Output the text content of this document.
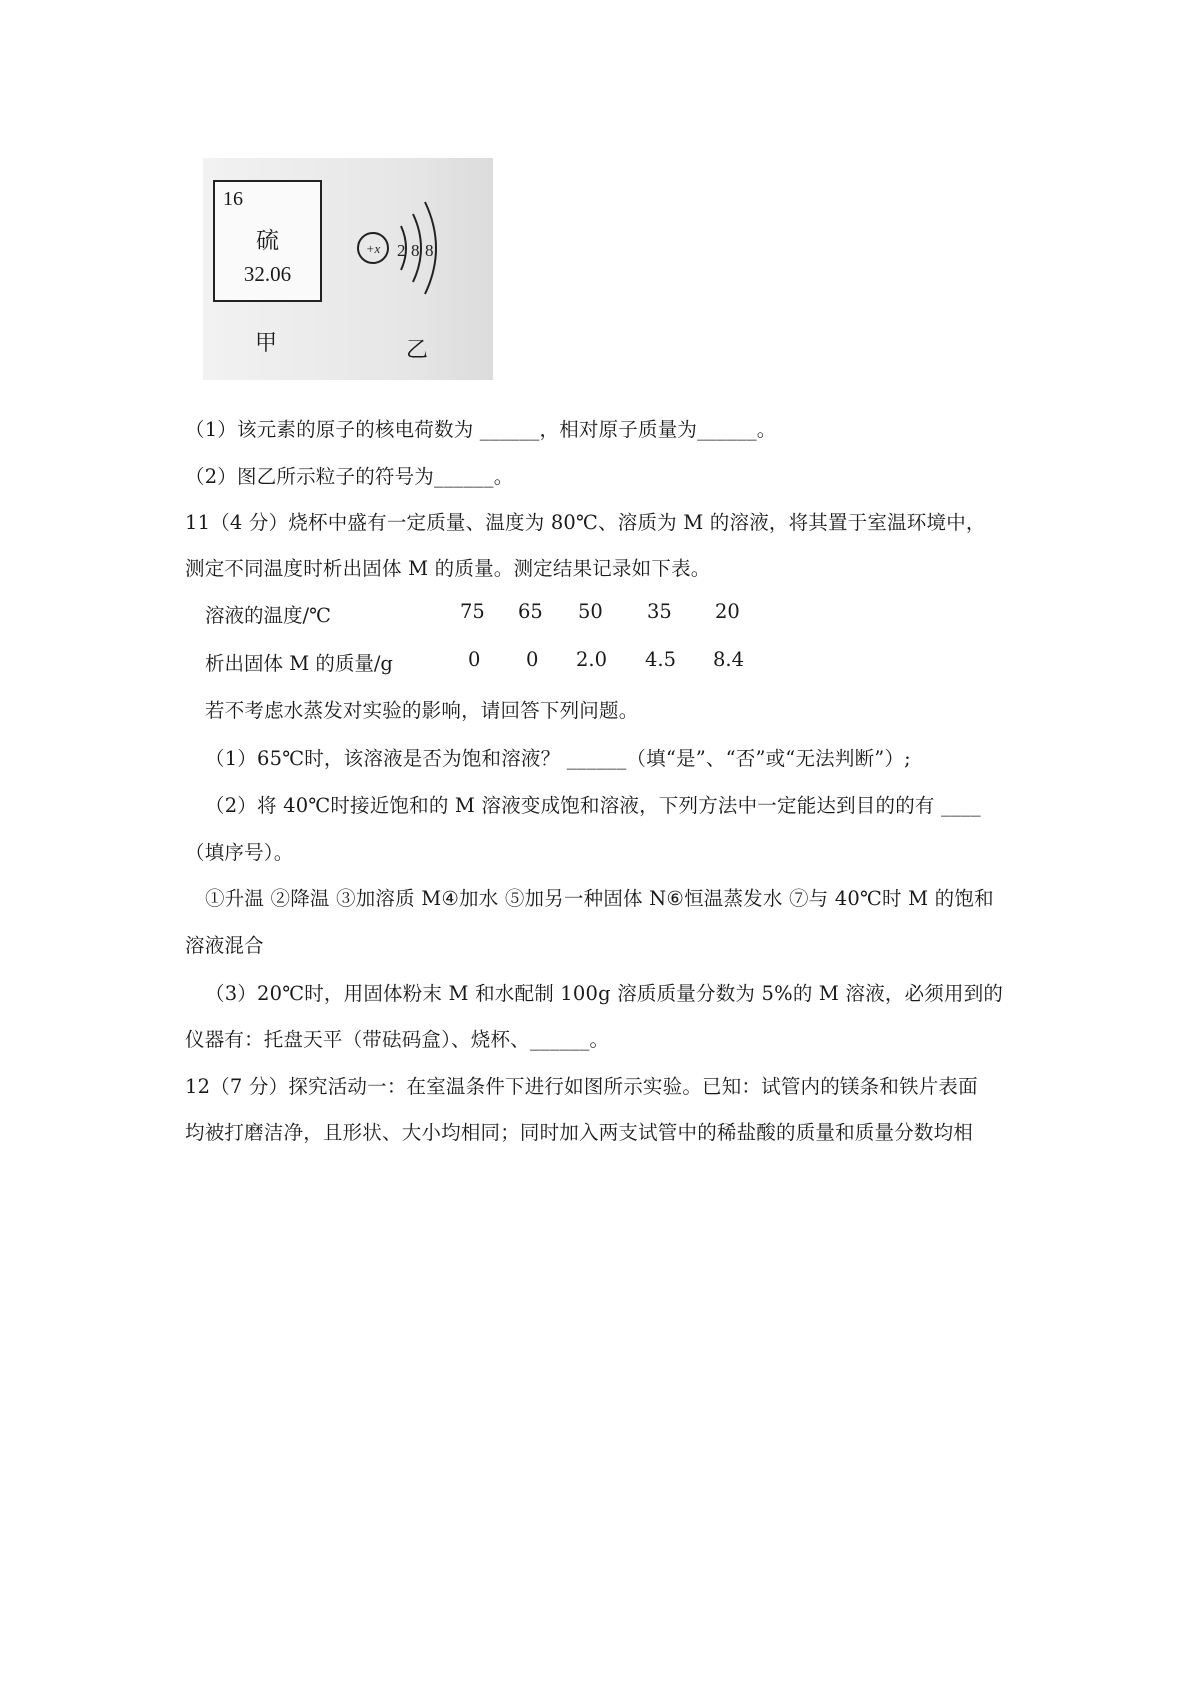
16
硫
32.06
甲
+x 2 8 8
乙
（1）该元素的原子的核电荷数为 ______，相对原子质量为______。
（2）图乙所示粒子的符号为______。
11（4 分）烧杯中盛有一定质量、温度为 80℃、溶质为 M 的溶液，将其置于室温环境中，
测定不同温度时析出固体 M 的质量。测定结果记录如下表。
溶液的温度/℃	75 65 50 35 20
析出固体 M 的质量/g	0 0 2.0 4.5 8.4
若不考虑水蒸发对实验的影响，请回答下列问题。
（1）65℃时，该溶液是否为饱和溶液？ ______（填“是”、“否”或“无法判断”）;
（2）将 40℃时接近饱和的 M 溶液变成饱和溶液，下列方法中一定能达到目的的有 ____
（填序号）。
①升温 ②降温 ③加溶质 M④加水 ⑤加另一种固体 N⑥恒温蒸发水 ⑦与 40℃时 M 的饱和
溶液混合
（3）20℃时，用固体粉末 M 和水配制 100g 溶质质量分数为 5%的 M 溶液，必须用到的
仪器有：托盘天平（带砝码盒）、烧杯、______。
12（7 分）探究活动一：在室温条件下进行如图所示实验。已知：试管内的镁条和铁片表面
均被打磨洁净，且形状、大小均相同；同时加入两支试管中的稀盐酸的质量和质量分数均相
